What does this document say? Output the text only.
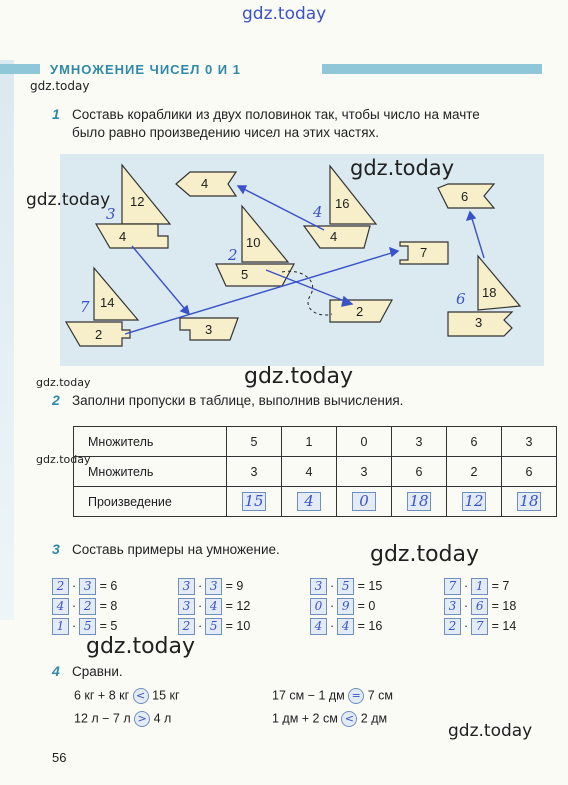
gdz.today
УМНОЖЕНИЕ ЧИСЕЛ 0 И 1
gdz.today
1 Составь кораблики из двух половинок так, чтобы число на мачте
было равно произведению чисел на этих частях.
12
4
3
10
5
2
16
4
4
14
2
7
18
3
6
4
6
7
2
3
gdz.today
gdz.today
gdz.today	gdz.today
2 Заполни пропуски в таблице, выполнив вычисления.
gdz.today
Множитель	5	1	0	3	6	3
Множитель	3	4	3	6	2	6
Произведение	15	4	0	18	12	18
3 Составь примеры на умножение.	gdz.today
2 · 3 = 6
4 · 2 = 8
1 · 5 = 5
3 · 3 = 9
3 · 4 = 12
2 · 5 = 10
3 · 5 = 15
0 · 9 = 0
4 · 4 = 16
7 · 1 = 7
3 · 6 = 18
2 · 7 = 14
gdz.today
4 Сравни.
6 кг + 8 кг < 15 кг
12 л − 7 л > 4 л
17 см − 1 дм = 7 см
1 дм + 2 см < 2 дм
gdz.today
56
